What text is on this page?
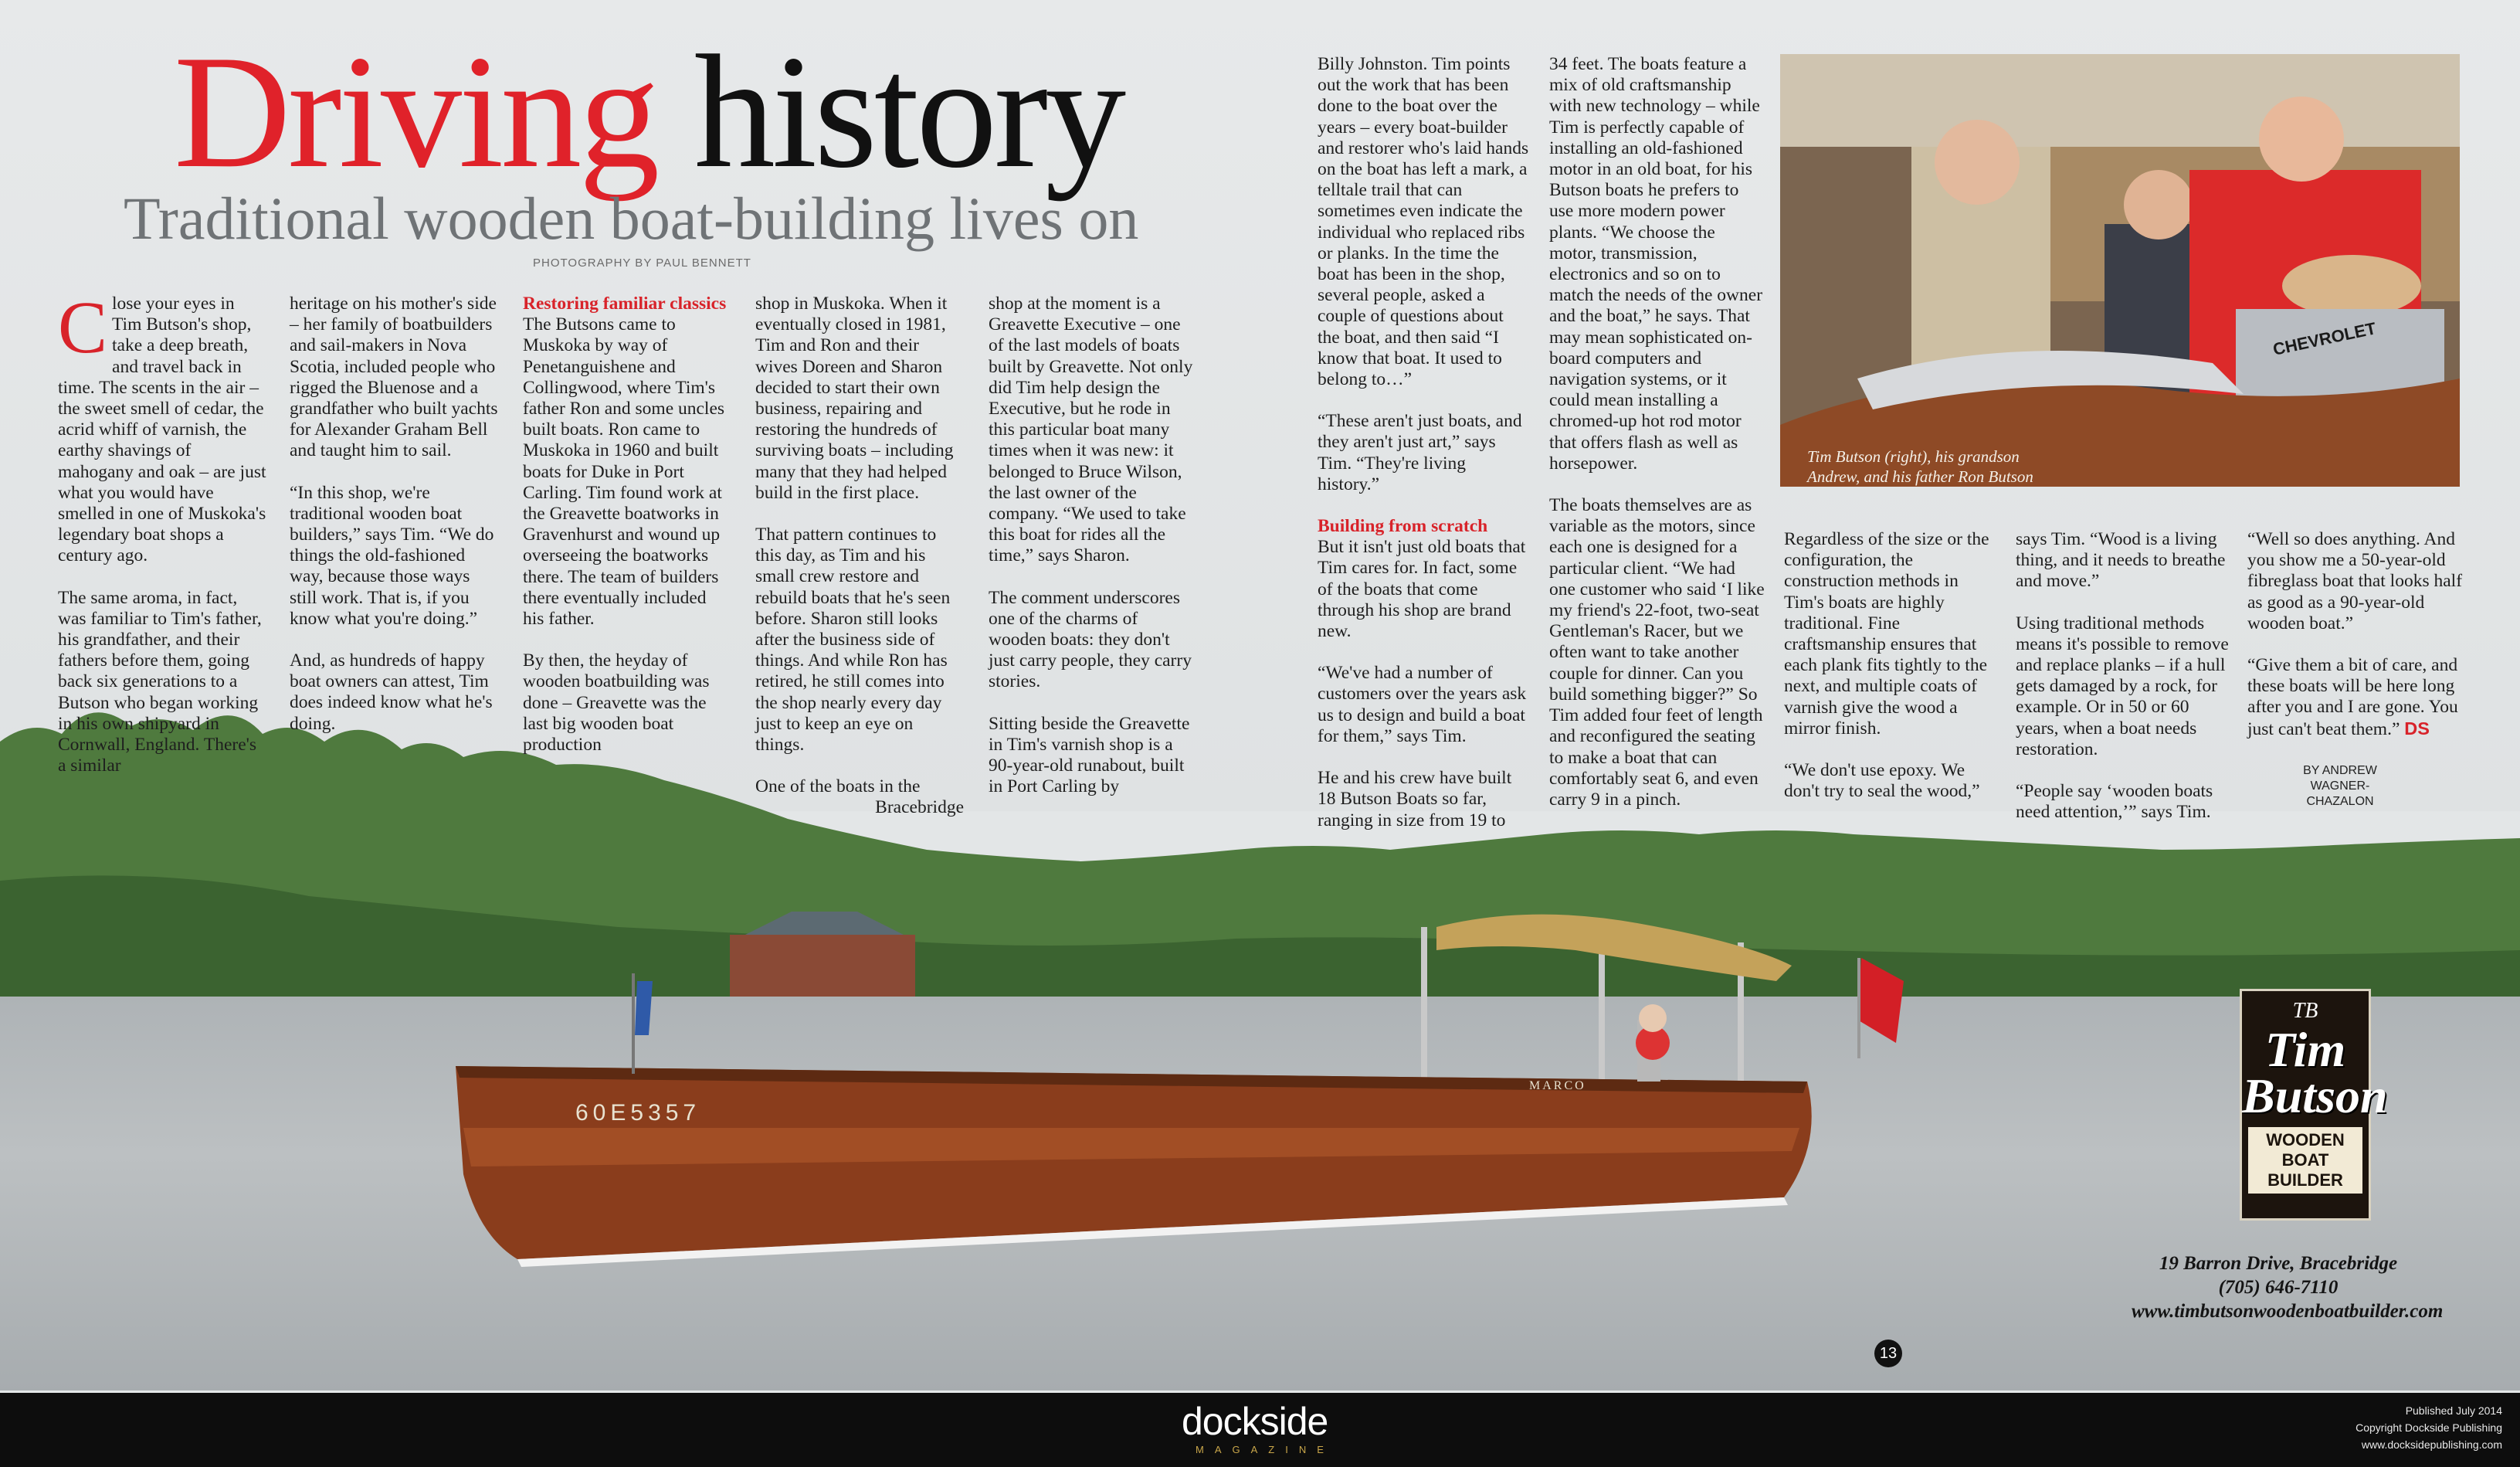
60E5357
MARCO
Driving history
Traditional wooden boat-building lives on
PHOTOGRAPHY BY PAUL BENNETT

Close your eyes in Tim Butson's shop, take a deep breath, and travel back in time. The scents in the air – the sweet smell of cedar, the acrid whiff of varnish, the earthy shavings of mahogany and oak – are just what you would have smelled in one of Muskoka's legendary boat shops a century ago.

The same aroma, in fact, was familiar to Tim's father, his grandfather, and their fathers before them, going back six generations to a Butson who began working in his own shipyard in Cornwall, England. There's a similar

heritage on his mother's side – her family of boatbuilders and sail-makers in Nova Scotia, included people who rigged the Bluenose and a grandfather who built yachts for Alexander Graham Bell and taught him to sail.

“In this shop, we're traditional wooden boat builders,” says Tim. “We do things the old-fashioned way, because those ways still work. That is, if you know what you're doing.”

And, as hundreds of happy boat owners can attest, Tim does indeed know what he's doing.

Restoring familiar classics

The Butsons came to Muskoka by way of Penetanguishene and Collingwood, where Tim's father Ron and some uncles built boats. Ron came to Muskoka in 1960 and built boats for Duke in Port Carling. Tim found work at the Greavette boatworks in Gravenhurst and wound up overseeing the boatworks there. The team of builders there eventually included his father.

By then, the heyday of wooden boatbuilding was done – Greavette was the last big wooden boat production

shop in Muskoka. When it eventually closed in 1981, Tim and Ron and their wives Doreen and Sharon decided to start their own business, repairing and restoring the hundreds of surviving boats – including many that they had helped build in the first place.

That pattern continues to this day, as Tim and his small crew restore and rebuild boats that he's seen before. Sharon still looks after the business side of things. And while Ron has retired, he still comes into the shop nearly every day just to keep an eye on things.

One of the boats in the

Bracebridge

shop at the moment is a Greavette Executive – one of the last models of boats built by Greavette. Not only did Tim help design the Executive, but he rode in this particular boat many times when it was new: it belonged to Bruce Wilson, the last owner of the company. “We used to take this boat for rides all the time,” says Sharon.

The comment underscores one of the charms of wooden boats: they don't just carry people, they carry stories.

Sitting beside the Greavette in Tim's varnish shop is a 90-year-old runabout, built in Port Carling by

Billy Johnston. Tim points out the work that has been done to the boat over the years – every boat-builder and restorer who's laid hands on the boat has left a mark, a telltale trail that can sometimes even indicate the individual who replaced ribs or planks. In the time the boat has been in the shop, several people, asked a couple of questions about the boat, and then said “I know that boat. It used to belong to…”

“These aren't just boats, and they aren't just art,” says Tim. “They're living history.”

Building from scratch

But it isn't just old boats that Tim cares for. In fact, some of the boats that come through his shop are brand new.

“We've had a number of customers over the years ask us to design and build a boat for them,” says Tim.

He and his crew have built 18 Butson Boats so far, ranging in size from 19 to

34 feet. The boats feature a mix of old craftsmanship with new technology – while Tim is perfectly capable of installing an old-fashioned motor in an old boat, for his Butson boats he prefers to use more modern power plants. “We choose the motor, transmission, electronics and so on to match the needs of the owner and the boat,” he says. That may mean sophisticated on-board computers and navigation systems, or it could mean installing a chromed-up hot rod motor that offers flash as well as horsepower.

The boats themselves are as variable as the motors, since each one is designed for a particular client. “We had one customer who said ‘I like my friend's 22-foot, two-seat Gentleman's Racer, but we often want to take another couple for dinner. Can you build something bigger?” So Tim added four feet of length and reconfigured the seating to make a boat that can comfortably seat 6, and even carry 9 in a pinch.

CHEVROLET
Tim Butson (right), his grandson
Andrew, and his father Ron Butson

Regardless of the size or the configuration, the construction methods in Tim's boats are highly traditional. Fine craftsmanship ensures that each plank fits tightly to the next, and multiple coats of varnish give the wood a mirror finish.

“We don't use epoxy. We don't try to seal the wood,”

says Tim. “Wood is a living thing, and it needs to breathe and move.”

Using traditional methods means it's possible to remove and replace planks – if a hull gets damaged by a rock, for example. Or in 50 or 60 years, when a boat needs restoration.

“People say ‘wooden boats need attention,’” says Tim.

“Well so does anything. And you show me a 50-year-old fibreglass boat that looks half as good as a 90-year-old wooden boat.”

“Give them a bit of care, and these boats will be here long after you and I are gone. You just can't beat them.” DS

BY ANDREW
WAGNER-CHAZALON
TB
Tim
Butson
WOODEN
BOAT
BUILDER
19 Barron Drive, Bracebridge
(705) 646-7110
www.timbutsonwoodenboatbuilder.com
13
dockside
MAGAZINE
Published July 2014
Copyright Dockside Publishing
www.docksidepublishing.com
